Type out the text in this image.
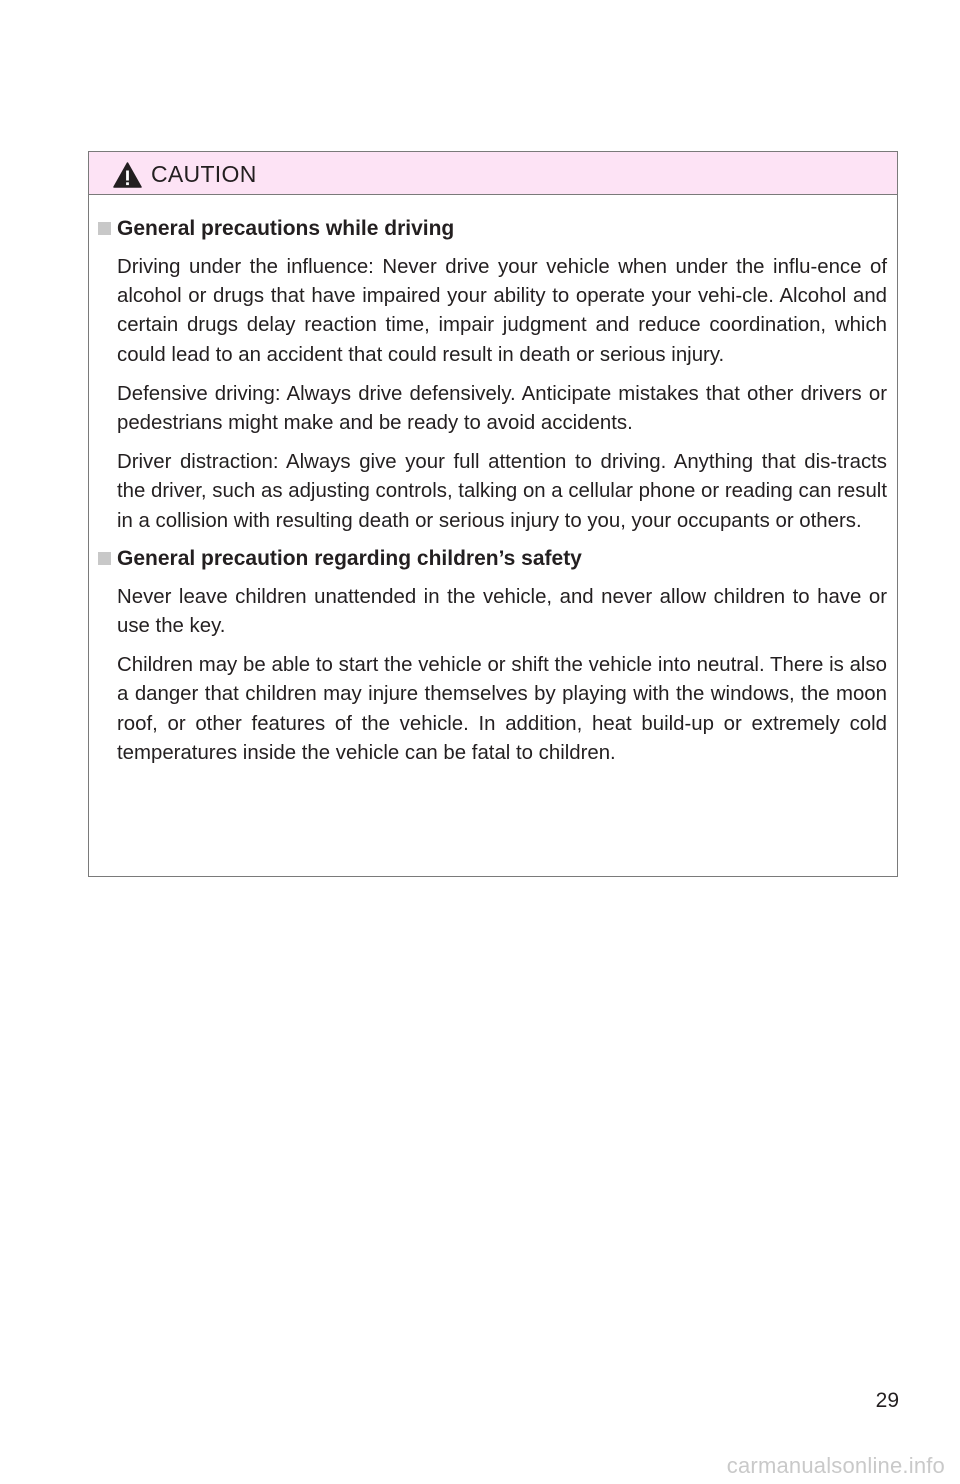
CAUTION
General precautions while driving

Driving under the influence: Never drive your vehicle when under the influ-ence of alcohol or drugs that have impaired your ability to operate your vehi-cle. Alcohol and certain drugs delay reaction time, impair judgment and reduce coordination, which could lead to an accident that could result in death or serious injury.

Defensive driving: Always drive defensively. Anticipate mistakes that other drivers or pedestrians might make and be ready to avoid accidents.

Driver distraction: Always give your full attention to driving. Anything that dis-tracts the driver, such as adjusting controls, talking on a cellular phone or reading can result in a collision with resulting death or serious injury to you, your occupants or others.

General precaution regarding children’s safety

Never leave children unattended in the vehicle, and never allow children to have or use the key.

Children may be able to start the vehicle or shift the vehicle into neutral. There is also a danger that children may injure themselves by playing with the windows, the moon roof, or other features of the vehicle. In addition, heat build-up or extremely cold temperatures inside the vehicle can be fatal to children.

29
carmanualsonline.info
